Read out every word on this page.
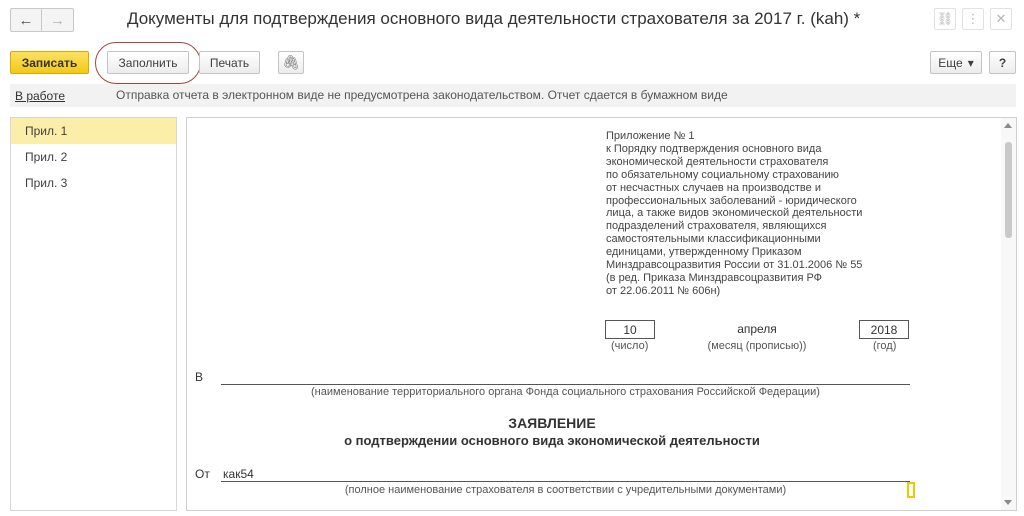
←	→	Документы для подтверждения основного вида деятельности страхователя за 2017 г. (kah) *	⛓	⋮	✕
Записать	Заполнить	Печать	🖇	Еще ▾	?
В работе	Отправка отчета в электронном виде не предусмотрена законодательством. Отчет сдается в бумажном виде
Прил. 1
Прил. 2
Прил. 3
Приложение № 1
к Порядку подтверждения основного вида
экономической деятельности страхователя
по обязательному социальному страхованию
от несчастных случаев на производстве и
профессиональных заболеваний - юридического
лица, а также видов экономической деятельности
подразделений страхователя, являющихся
самостоятельными классификационными
единицами, утвержденному Приказом
Минздравсоцразвития России от 31.01.2006 № 55
(в ред. Приказа Минздравсоцразвития РФ
от 22.06.2011 № 606н)
10	апреля	2018
(число)	(месяц (прописью))	(год)
В
(наименование территориального органа Фонда социального страхования Российской Федерации)
ЗАЯВЛЕНИЕ
о подтверждении основного вида экономической деятельности
От как54
(полное наименование страхователя в соответствии с учредительными документами)
